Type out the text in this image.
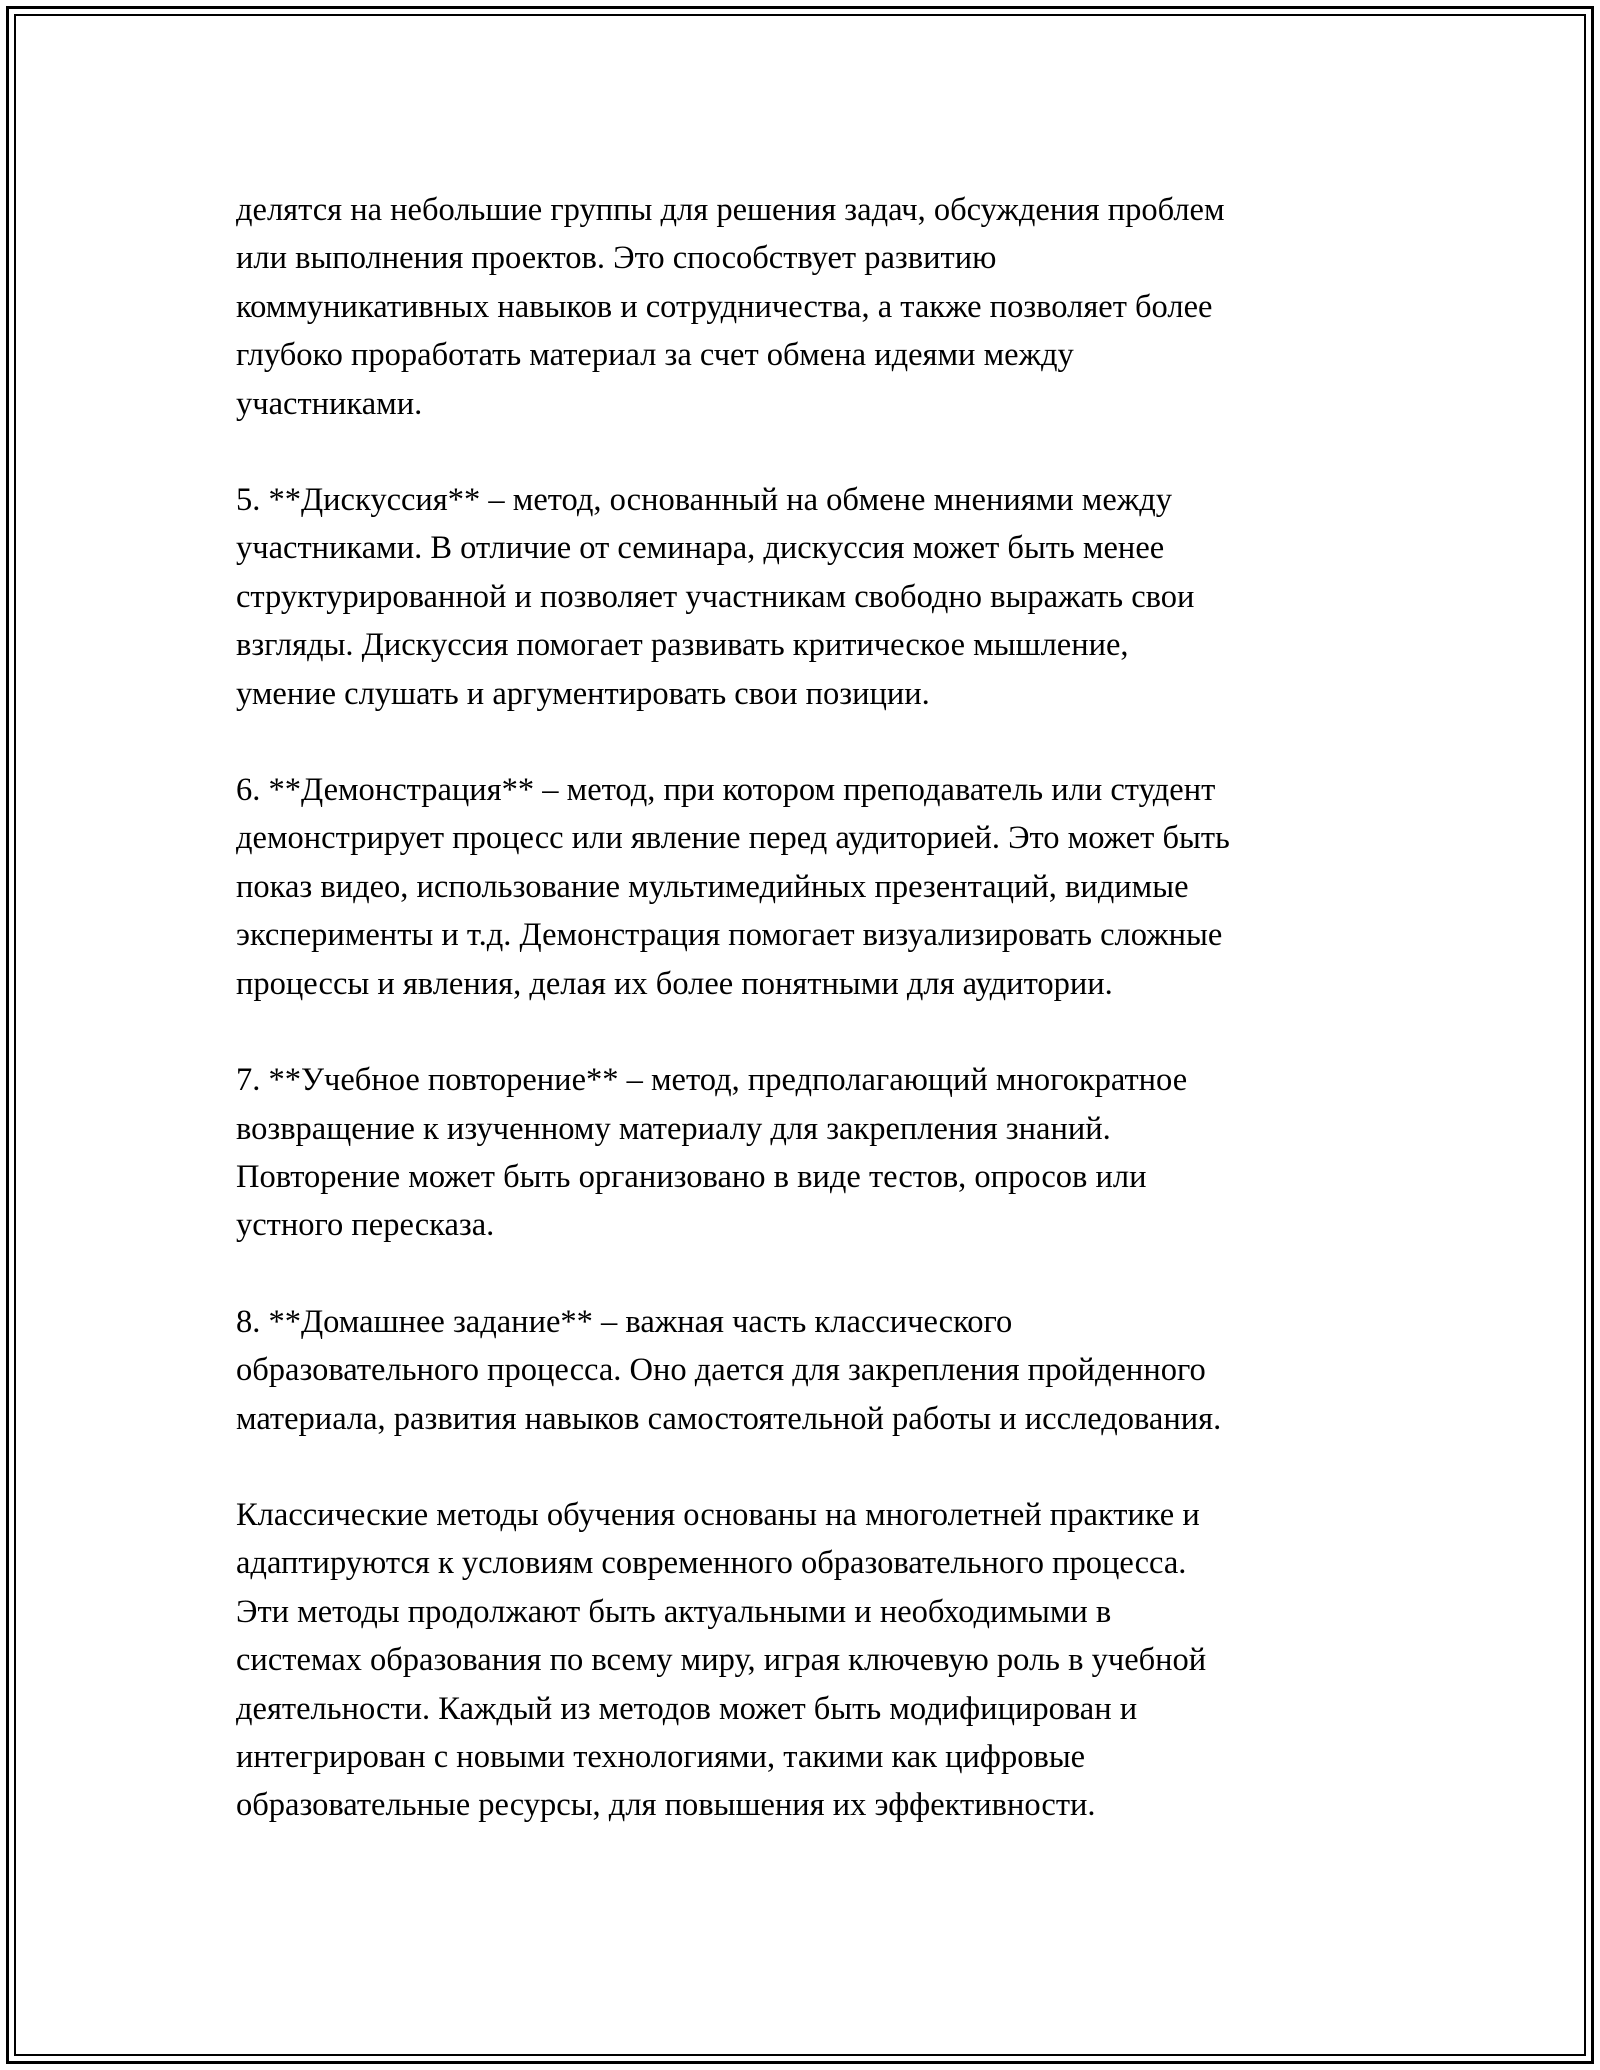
делятся на небольшие группы для решения задач, обсуждения проблем
или выполнения проектов. Это способствует развитию
коммуникативных навыков и сотрудничества, а также позволяет более
глубоко проработать материал за счет обмена идеями между
участниками.
5. **Дискуссия** – метод, основанный на обмене мнениями между
участниками. В отличие от семинара, дискуссия может быть менее
структурированной и позволяет участникам свободно выражать свои
взгляды. Дискуссия помогает развивать критическое мышление,
умение слушать и аргументировать свои позиции.
6. **Демонстрация** – метод, при котором преподаватель или студент
демонстрирует процесс или явление перед аудиторией. Это может быть
показ видео, использование мультимедийных презентаций, видимые
эксперименты и т.д. Демонстрация помогает визуализировать сложные
процессы и явления, делая их более понятными для аудитории.
7. **Учебное повторение** – метод, предполагающий многократное
возвращение к изученному материалу для закрепления знаний.
Повторение может быть организовано в виде тестов, опросов или
устного пересказа.
8. **Домашнее задание** – важная часть классического
образовательного процесса. Оно дается для закрепления пройденного
материала, развития навыков самостоятельной работы и исследования.
Классические методы обучения основаны на многолетней практике и
адаптируются к условиям современного образовательного процесса.
Эти методы продолжают быть актуальными и необходимыми в
системах образования по всему миру, играя ключевую роль в учебной
деятельности. Каждый из методов может быть модифицирован и
интегрирован с новыми технологиями, такими как цифровые
образовательные ресурсы, для повышения их эффективности.
